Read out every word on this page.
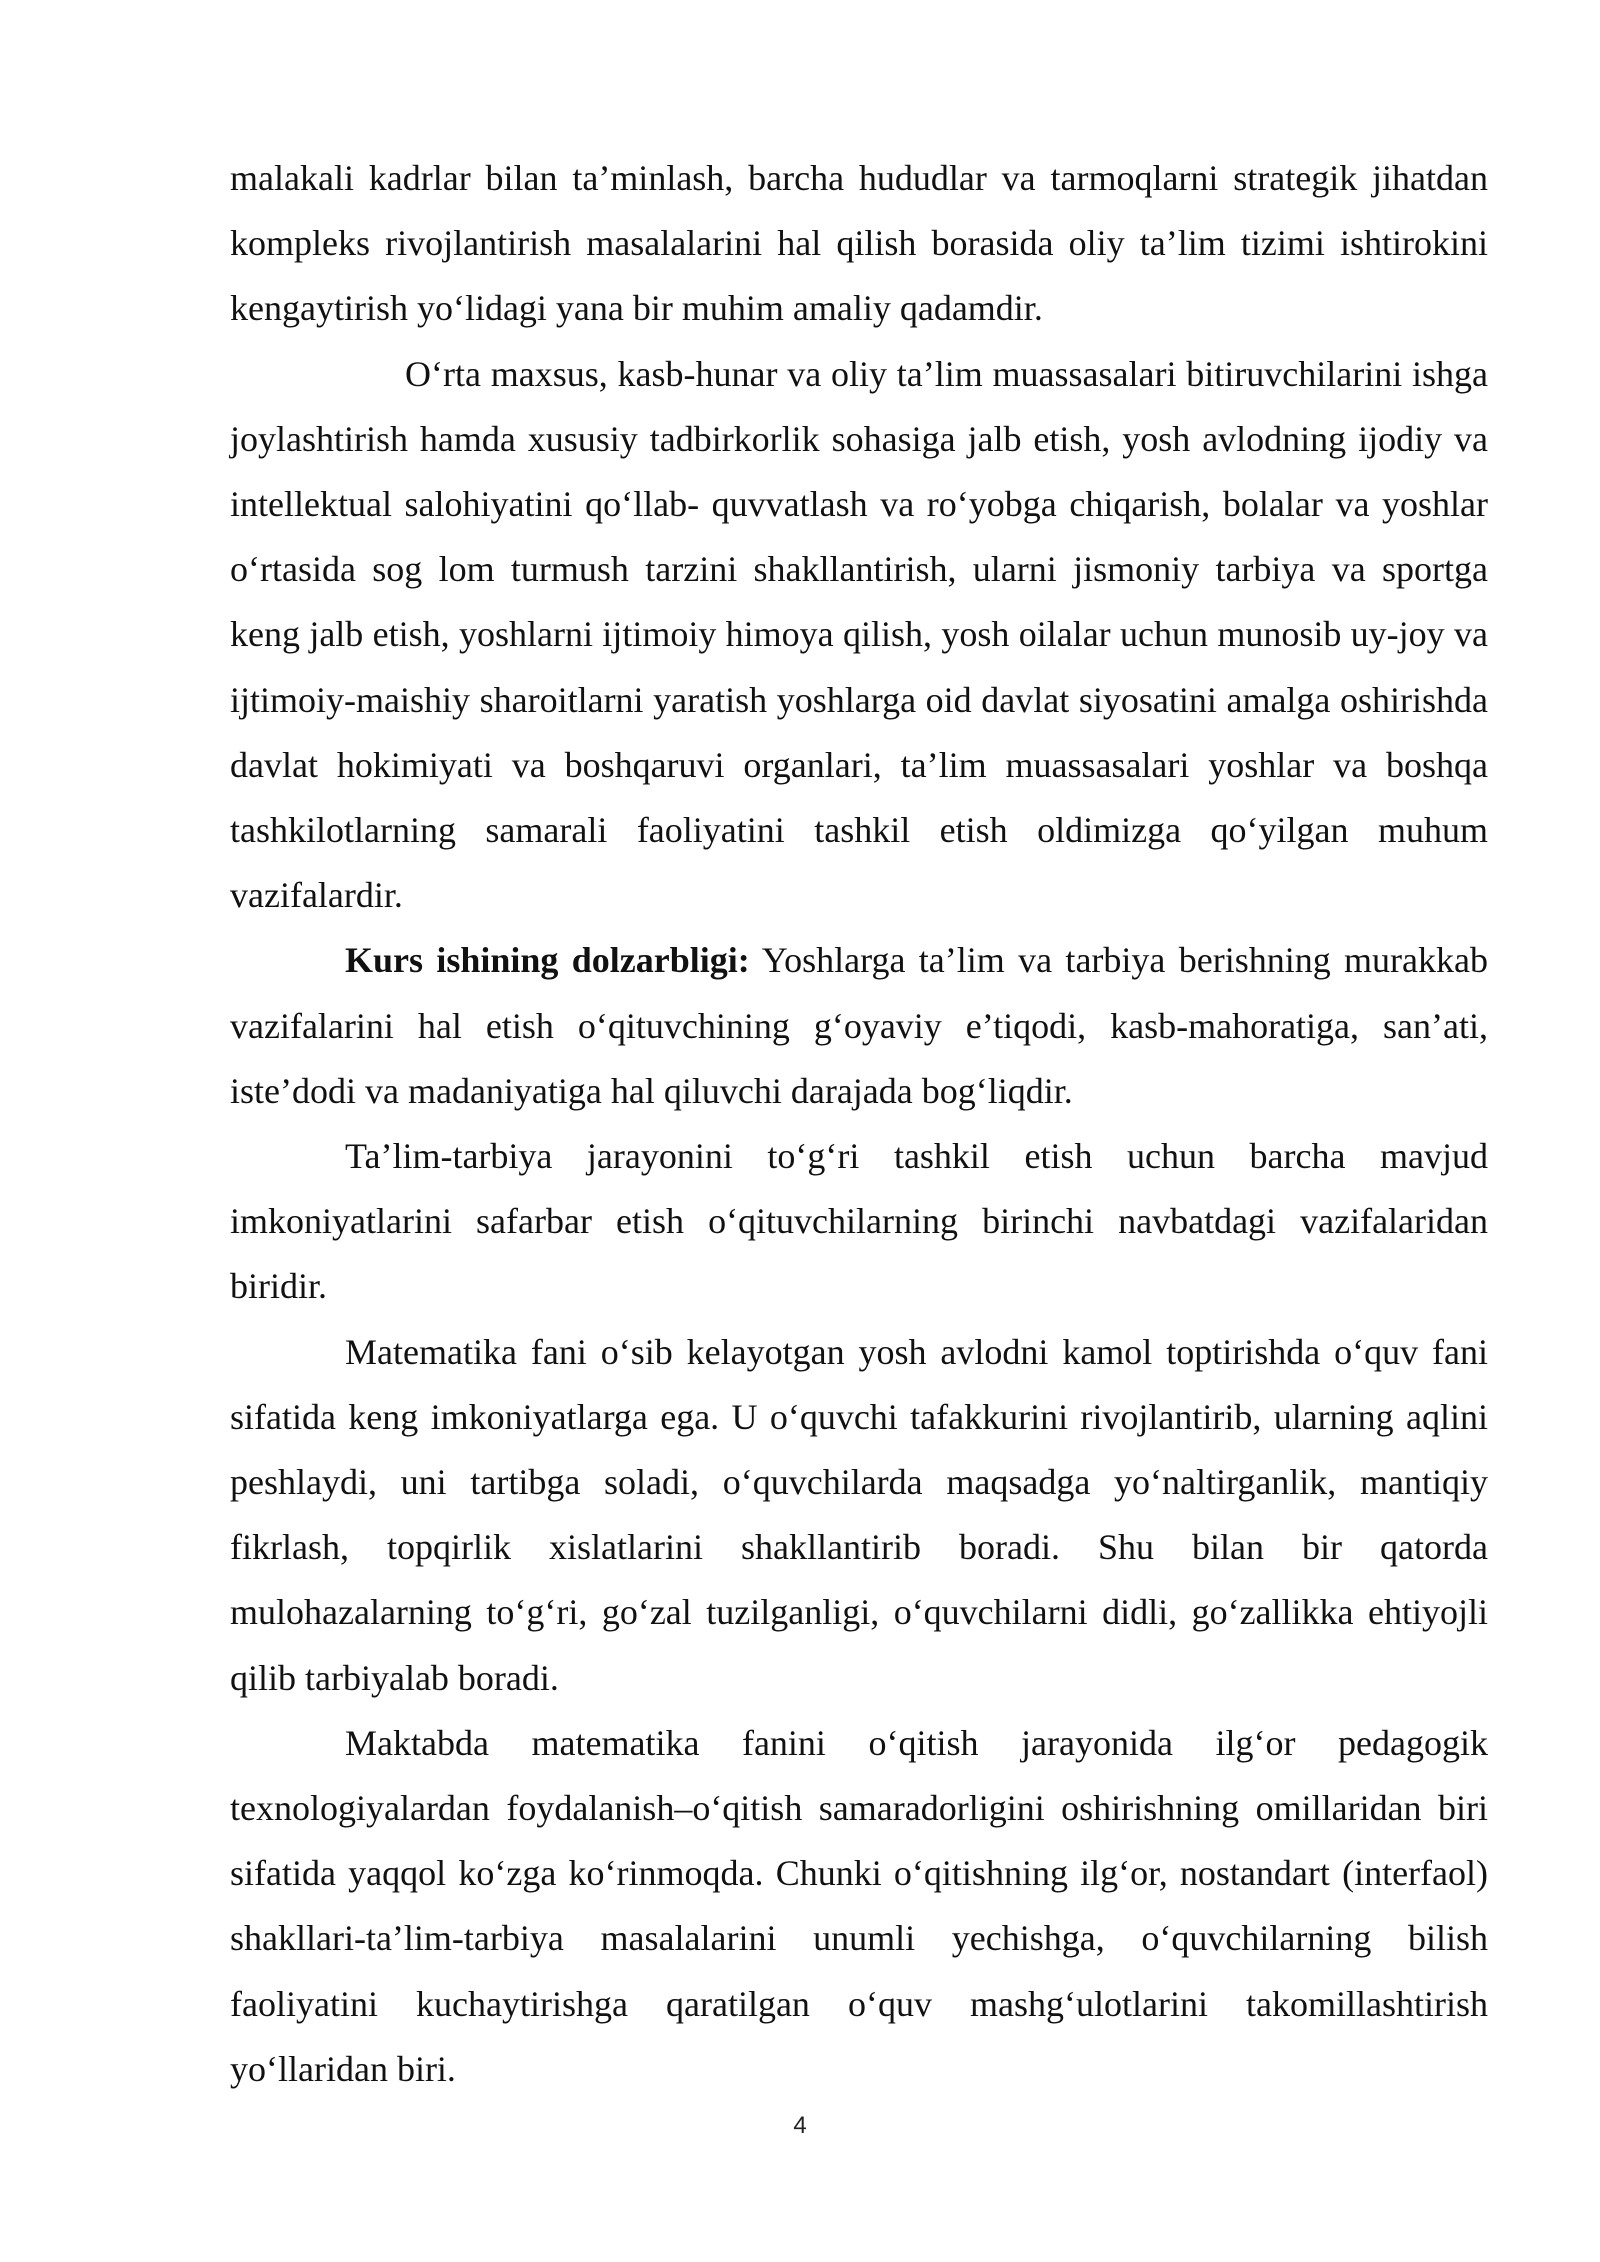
malakali kadrlar bilan ta’minlash, barcha hududlar va tarmoqlarni strategik jihatdan kompleks rivojlantirish masalalarini hal qilish borasida oliy ta’lim tizimi ishtirokini kengaytirish yo‘lidagi yana bir muhim amaliy qadamdir.

O‘rta maxsus, kasb-hunar va oliy ta’lim muassasalari bitiruvchilarini ishga joylashtirish hamda xususiy tadbirkorlik sohasiga jalb etish, yosh avlodning ijodiy va intellektual salohiyatini qo‘llab- quvvatlash va ro‘yobga chiqarish, bolalar va yoshlar o‘rtasida sog lom turmush tarzini shakllantirish, ularni jismoniy tarbiya va sportga keng jalb etish, yoshlarni ijtimoiy himoya qilish, yosh oilalar uchun munosib uy-joy va ijtimoiy-maishiy sharoitlarni yaratish yoshlarga oid davlat siyosatini amalga oshirishda davlat hokimiyati va boshqaruvi organlari, ta’lim muassasalari yoshlar va boshqa tashkilotlarning samarali faoliyatini tashkil etish oldimizga qo‘yilgan muhum vazifalardir.

Kurs ishining dolzarbligi: Yoshlarga ta’lim va tarbiya berishning murakkab vazifalarini hal etish o‘qituvchining g‘oyaviy e’tiqodi, kasb-mahoratiga, san’ati, iste’dodi va madaniyatiga hal qiluvchi darajada bog‘liqdir.

Ta’lim-tarbiya jarayonini to‘g‘ri tashkil etish uchun barcha mavjud imkoniyatlarini safarbar etish o‘qituvchilarning birinchi navbatdagi vazifalaridan biridir.

Matematika fani o‘sib kelayotgan yosh avlodni kamol toptirishda o‘quv fani sifatida keng imkoniyatlarga ega. U o‘quvchi tafakkurini rivojlantirib, ularning aqlini peshlaydi, uni tartibga soladi, o‘quvchilarda maqsadga yo‘naltirganlik, mantiqiy fikrlash, topqirlik xislatlarini shakllantirib boradi. Shu bilan bir qatorda mulohazalarning to‘g‘ri, go‘zal tuzilganligi, o‘quvchilarni didli, go‘zallikka ehtiyojli qilib tarbiyalab boradi.

Maktabda matematika fanini o‘qitish jarayonida ilg‘or pedagogik texnologiyalardan foydalanish–o‘qitish samaradorligini oshirishning omillaridan biri sifatida yaqqol ko‘zga ko‘rinmoqda. Chunki o‘qitishning ilg‘or, nostandart (interfaol) shakllari-ta’lim-tarbiya masalalarini unumli yechishga, o‘quvchilarning bilish faoliyatini kuchaytirishga qaratilgan o‘quv mashg‘ulotlarini takomillashtirish yo‘llaridan biri.

4
